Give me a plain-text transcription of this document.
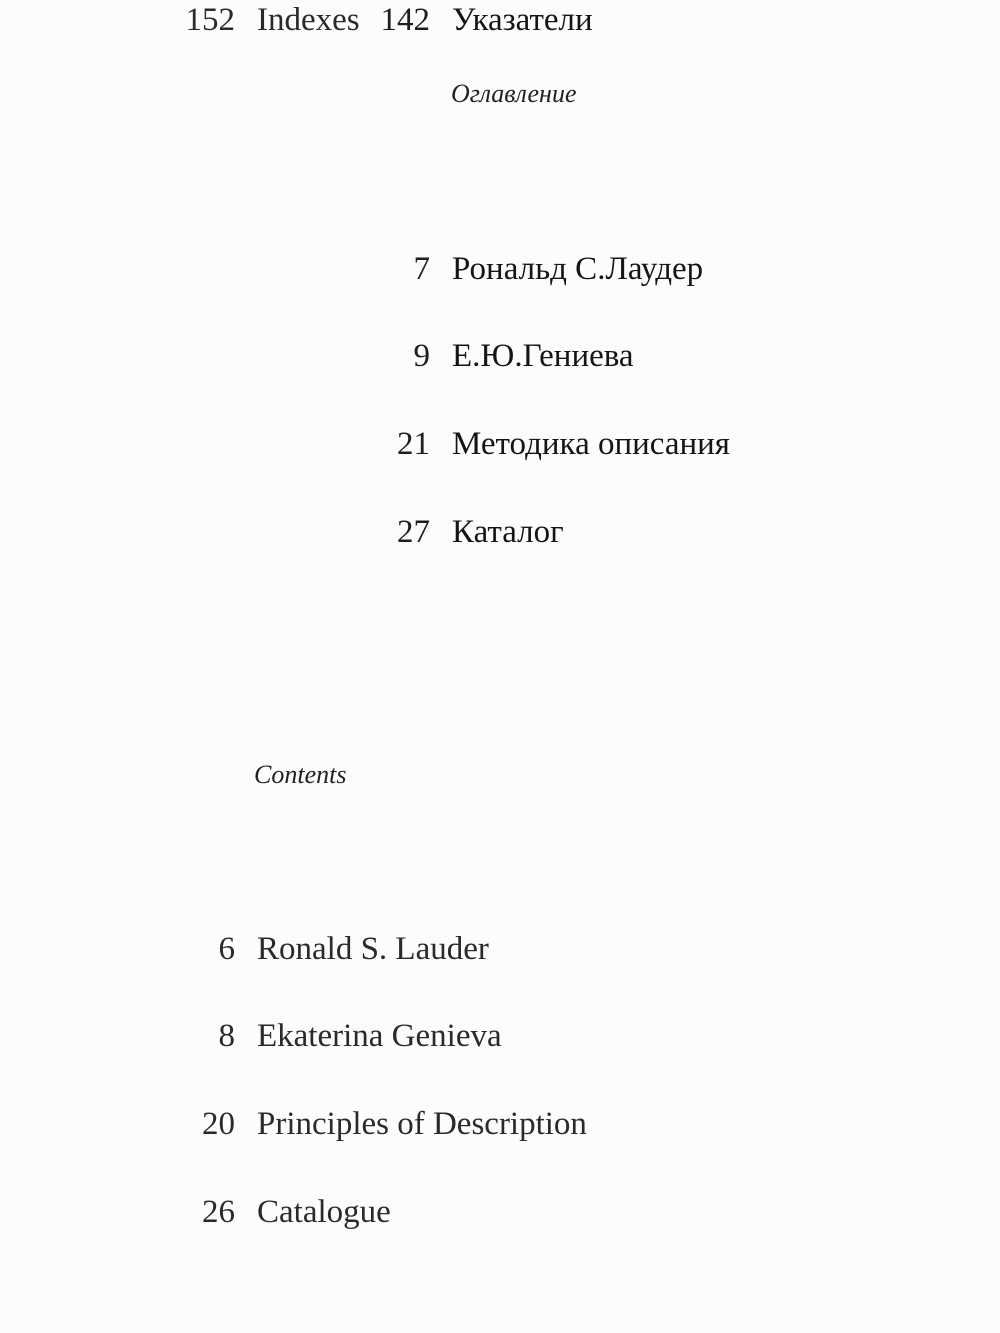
Оглавление
7 Рональд С.Лаудер
9 Е.Ю.Гениева
21 Методика описания
27 Каталог
142 Указатели
Contents
6 Ronald S. Lauder
8 Ekaterina Genieva
20 Principles of Description
26 Catalogue
152 Indexes
